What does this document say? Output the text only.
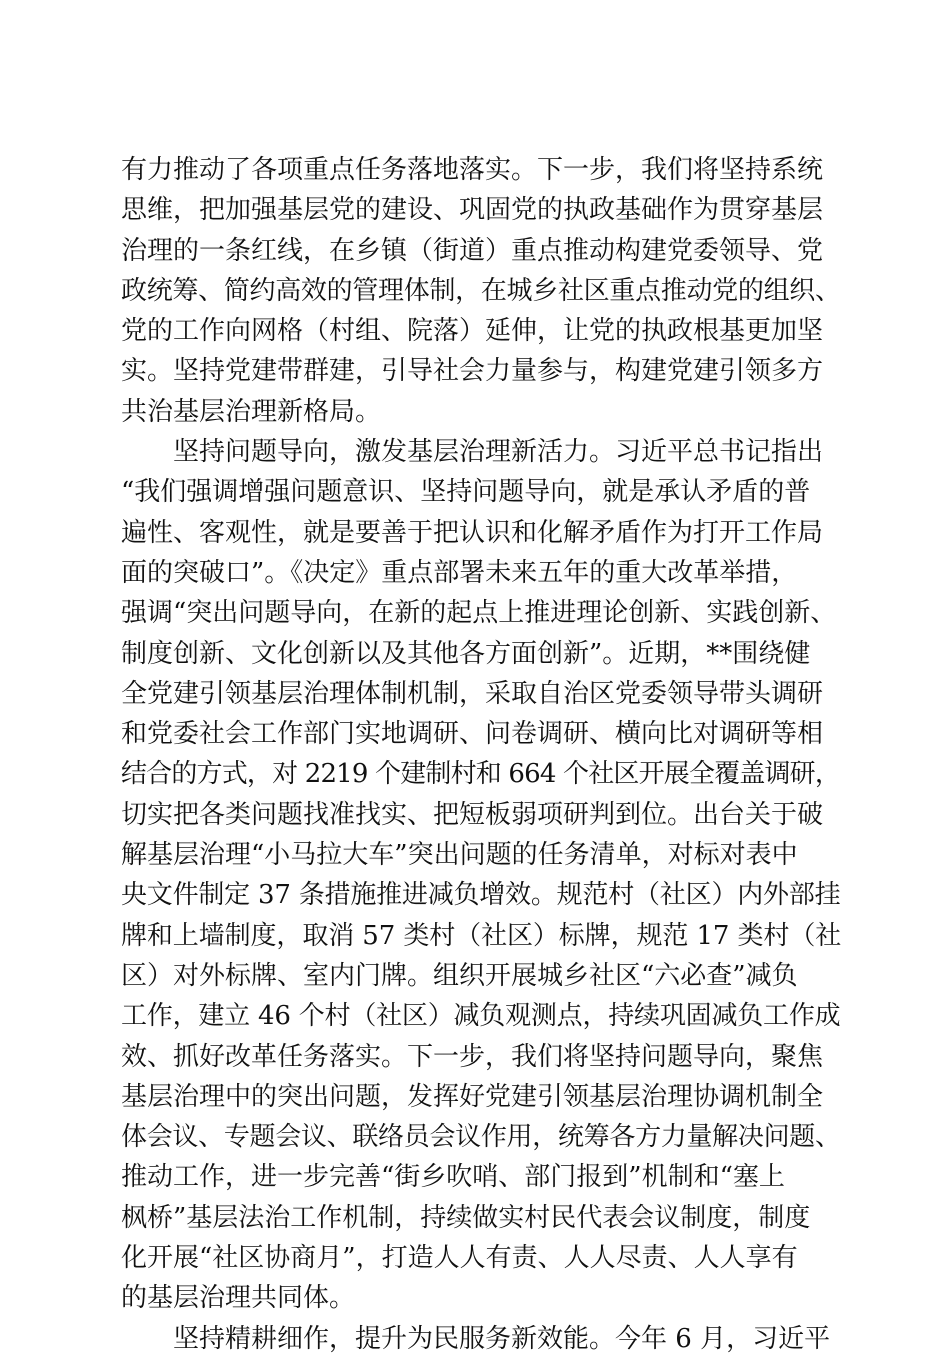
有力推动了各项重点任务落地落实。下一步，我们将坚持系统
思维，把加强基层党的建设、巩固党的执政基础作为贯穿基层
治理的一条红线，在乡镇（街道）重点推动构建党委领导、党
政统筹、简约高效的管理体制，在城乡社区重点推动党的组织、
党的工作向网格（村组、院落）延伸，让党的执政根基更加坚
实。坚持党建带群建，引导社会力量参与，构建党建引领多方
共治基层治理新格局。
坚持问题导向，激发基层治理新活力。习近平总书记指出
“我们强调增强问题意识、坚持问题导向，就是承认矛盾的普
遍性、客观性，就是要善于把认识和化解矛盾作为打开工作局
面的突破口”。《决定》重点部署未来五年的重大改革举措，
强调“突出问题导向，在新的起点上推进理论创新、实践创新、
制度创新、文化创新以及其他各方面创新”。近期，**围绕健
全党建引领基层治理体制机制，采取自治区党委领导带头调研
和党委社会工作部门实地调研、问卷调研、横向比对调研等相
结合的方式，对 2219 个建制村和 664 个社区开展全覆盖调研，
切实把各类问题找准找实、把短板弱项研判到位。出台关于破
解基层治理“小马拉大车”突出问题的任务清单，对标对表中
央文件制定 37 条措施推进减负增效。规范村（社区）内外部挂
牌和上墙制度，取消 57 类村（社区）标牌，规范 17 类村（社
区）对外标牌、室内门牌。组织开展城乡社区“六必查”减负
工作，建立 46 个村（社区）减负观测点，持续巩固减负工作成
效、抓好改革任务落实。下一步，我们将坚持问题导向，聚焦
基层治理中的突出问题，发挥好党建引领基层治理协调机制全
体会议、专题会议、联络员会议作用，统筹各方力量解决问题、
推动工作，进一步完善“街乡吹哨、部门报到”机制和“塞上
枫桥”基层法治工作机制，持续做实村民代表会议制度，制度
化开展“社区协商月”，打造人人有责、人人尽责、人人享有
的基层治理共同体。
坚持精耕细作，提升为民服务新效能。今年 6 月，习近平
